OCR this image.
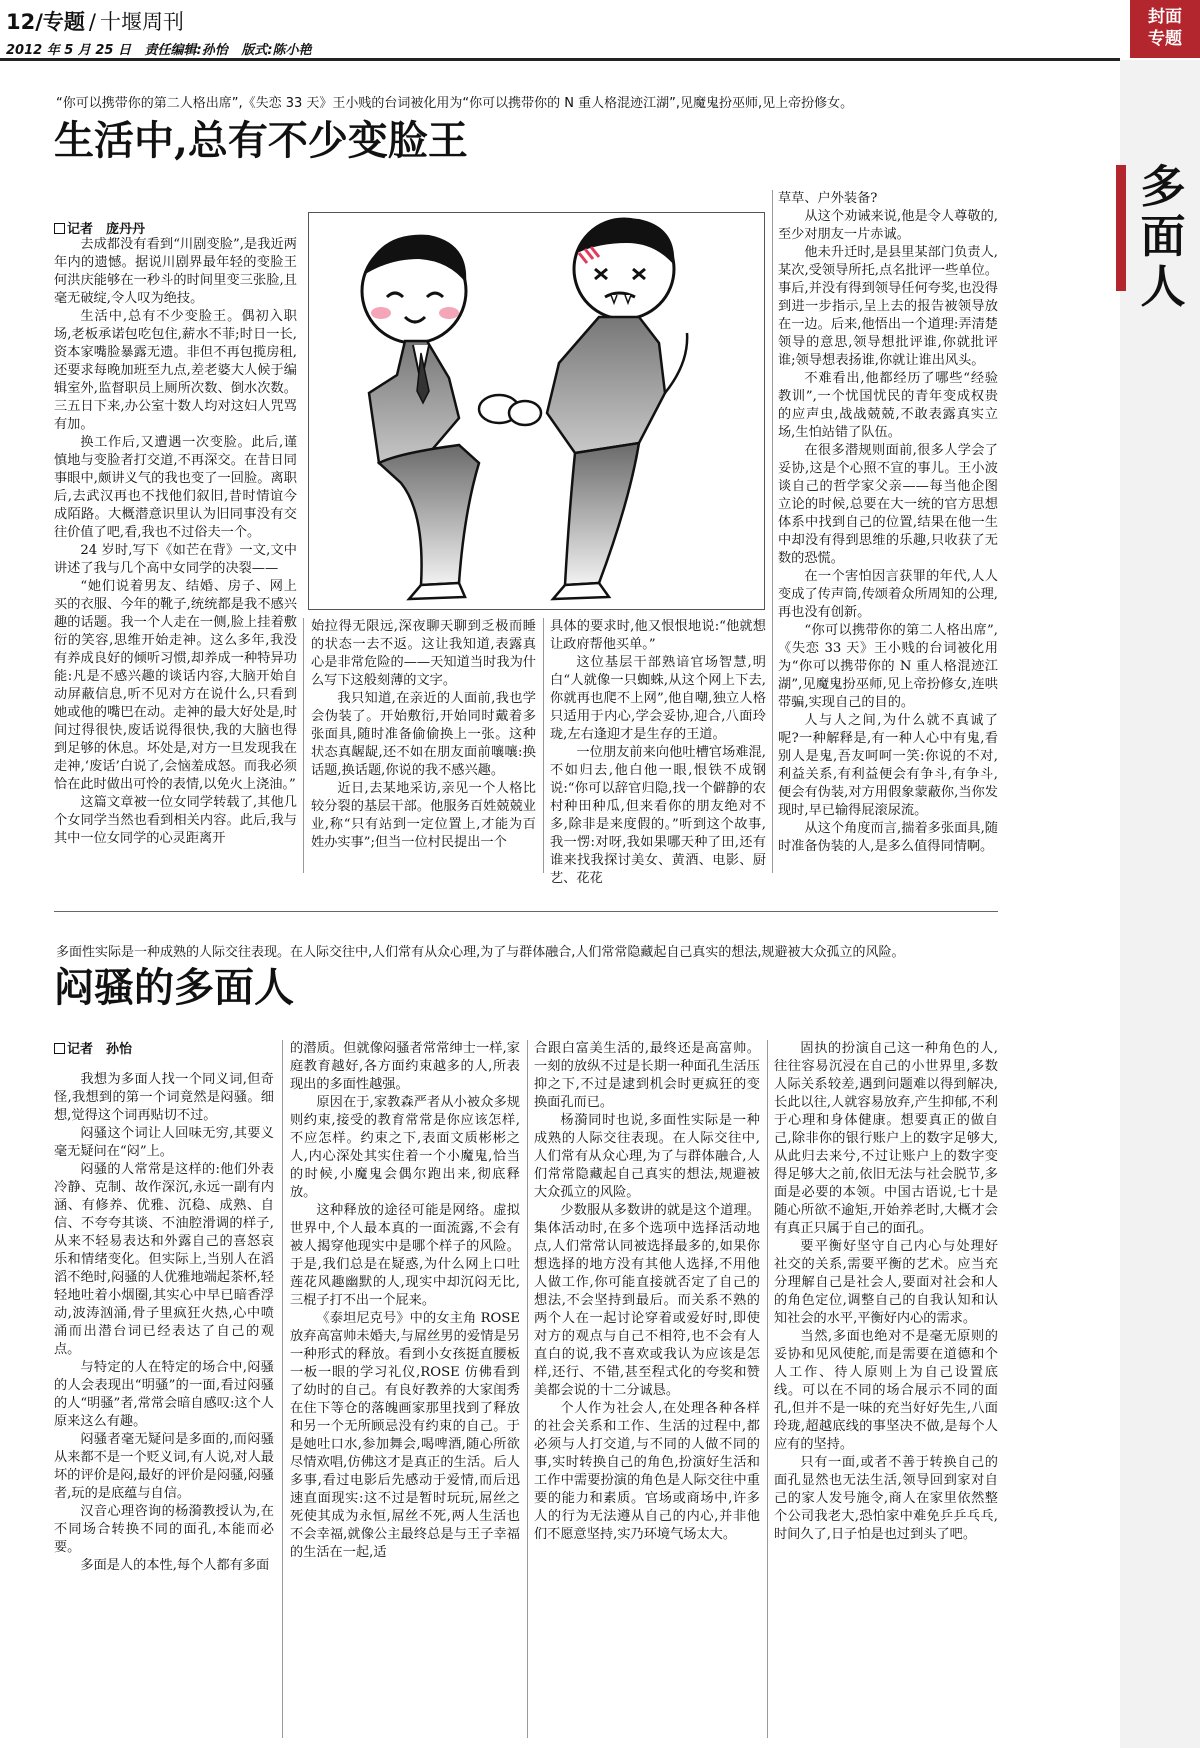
12/专题 / 十堰周刊
2012 年 5 月 25 日 责任编辑:孙怡 版式:陈小艳
封面
专题
多面人
“你可以携带你的第二人格出席”,《失恋 33 天》王小贱的台词被化用为“你可以携带你的 N 重人格混迹江湖”,见魔鬼扮巫师,见上帝扮修女。
生活中,总有不少变脸王
记者　庞丹丹

去成都没有看到“川剧变脸”,是我近两年内的遗憾。据说川剧界最年轻的变脸王何洪庆能够在一秒斗的时间里变三张脸,且毫无破绽,令人叹为绝技。

生活中,总有不少变脸王。偶初入职场,老板承诺包吃包住,薪水不菲;时日一长,资本家嘴脸暴露无遗。非但不再包揽房租,还要求每晚加班至九点,差老婆大人候于编辑室外,监督职员上厕所次数、倒水次数。三五日下来,办公室十数人均对这妇人咒骂有加。

换工作后,又遭遇一次变脸。此后,谨慎地与变脸者打交道,不再深交。在昔日同事眼中,颇讲义气的我也变了一回脸。离职后,去武汉再也不找他们叙旧,昔时情谊今成陌路。大概潜意识里认为旧同事没有交往价值了吧,看,我也不过俗夫一个。

24 岁时,写下《如芒在背》一文,文中讲述了我与几个高中女同学的决裂——

“她们说着男友、结婚、房子、网上买的衣服、今年的靴子,统统都是我不感兴趣的话题。我一个人走在一侧,脸上挂着敷衍的笑容,思维开始走神。这么多年,我没有养成良好的倾听习惯,却养成一种特异功能:凡是不感兴趣的谈话内容,大脑开始自动屏蔽信息,听不见对方在说什么,只看到她或他的嘴巴在动。走神的最大好处是,时间过得很快,废话说得很快,我的大脑也得到足够的休息。坏处是,对方一旦发现我在走神,‘废话’白说了,会恼羞成怒。而我必须恰在此时做出可怜的表情,以免火上浇油。”

这篇文章被一位女同学转载了,其他几个女同学当然也看到相关内容。此后,我与其中一位女同学的心灵距离开

始拉得无限远,深夜聊天聊到乏极而睡的状态一去不返。这让我知道,表露真心是非常危险的——天知道当时我为什么写下这般刻薄的文字。

我只知道,在亲近的人面前,我也学会伪装了。开始敷衍,开始同时戴着多张面具,随时准备偷偷换上一张。这种状态真龌龊,还不如在朋友面前嚷嚷:换话题,换话题,你说的我不感兴趣。

近日,去某地采访,亲见一个人格比较分裂的基层干部。他服务百姓兢兢业业,称“只有站到一定位置上,才能为百姓办实事”;但当一位村民提出一个

具体的要求时,他又恨恨地说:“他就想让政府帮他买单。”

这位基层干部熟谙官场智慧,明白“人就像一只蜘蛛,从这个网上下去,你就再也爬不上网”,他自嘲,独立人格只适用于内心,学会妥协,迎合,八面玲珑,左右逢迎才是生存的王道。

一位朋友前来向他吐槽官场难混,不如归去,他白他一眼,恨铁不成钢说:“你可以辞官归隐,找一个僻静的农村种田种瓜,但来看你的朋友绝对不多,除非是来度假的。”听到这个故事,我一愣:对呀,我如果哪天种了田,还有谁来找我探讨美女、黄酒、电影、厨艺、花花

草草、户外装备?

从这个劝诫来说,他是令人尊敬的,至少对朋友一片赤诚。

他未升迁时,是县里某部门负责人,某次,受领导所托,点名批评一些单位。事后,并没有得到领导任何夸奖,也没得到进一步指示,呈上去的报告被领导放在一边。后来,他悟出一个道理:弄清楚领导的意思,领导想批评谁,你就批评谁;领导想表扬谁,你就让谁出风头。

不难看出,他都经历了哪些“经验教训”,一个忧国忧民的青年变成权贵的应声虫,战战兢兢,不敢表露真实立场,生怕站错了队伍。

在很多潜规则面前,很多人学会了妥协,这是个心照不宣的事儿。王小波谈自己的哲学家父亲——每当他企图立论的时候,总要在大一统的官方思想体系中找到自己的位置,结果在他一生中却没有得到思维的乐趣,只收获了无数的恐慌。

在一个害怕因言获罪的年代,人人变成了传声筒,传颂着众所周知的公理,再也没有创新。

“你可以携带你的第二人格出席”,《失恋 33 天》王小贱的台词被化用为“你可以携带你的 N 重人格混迹江湖”,见魔鬼扮巫师,见上帝扮修女,连哄带骗,实现自己的目的。

人与人之间,为什么就不真诚了呢?一种解释是,有一种人心中有鬼,看别人是鬼,吾友呵呵一笑:你说的不对,利益关系,有利益便会有争斗,有争斗,便会有伪装,对方用假象蒙蔽你,当你发现时,早已输得屁滚尿流。

从这个角度而言,揣着多张面具,随时准备伪装的人,是多么值得同情啊。

多面性实际是一种成熟的人际交往表现。在人际交往中,人们常有从众心理,为了与群体融合,人们常常隐藏起自己真实的想法,规避被大众孤立的风险。
闷骚的多面人
记者　孙怡

我想为多面人找一个同义词,但奇怪,我想到的第一个词竟然是闷骚。细想,觉得这个词再贴切不过。

闷骚这个词让人回味无穷,其要义毫无疑问在“闷”上。

闷骚的人常常是这样的:他们外表冷静、克制、故作深沉,永远一副有内涵、有修养、优雅、沉稳、成熟、自信、不夸夸其谈、不油腔滑调的样子,从来不轻易表达和外露自己的喜怒哀乐和情绪变化。但实际上,当别人在滔滔不绝时,闷骚的人优雅地端起茶杯,轻轻地吐着小烟圈,其实心中早已暗香浮动,波涛汹涌,骨子里疯狂火热,心中喷涌而出潜台词已经表达了自己的观点。

与特定的人在特定的场合中,闷骚的人会表现出“明骚”的一面,看过闷骚的人“明骚”者,常常会暗自感叹:这个人原来这么有趣。

闷骚者毫无疑问是多面的,而闷骚从来都不是一个贬义词,有人说,对人最坏的评价是闷,最好的评价是闷骚,闷骚者,玩的是底蕴与自信。

汉音心理咨询的杨漪教授认为,在不同场合转换不同的面孔,本能而必要。

多面是人的本性,每个人都有多面

的潜质。但就像闷骚者常常绅士一样,家庭教育越好,各方面约束越多的人,所表现出的多面性越强。

原因在于,家教森严者从小被众多规则约束,接受的教育常常是你应该怎样,不应怎样。约束之下,表面文质彬彬之人,内心深处其实住着一个小魔鬼,恰当的时候,小魔鬼会偶尔跑出来,彻底释放。

这种释放的途径可能是网络。虚拟世界中,个人最本真的一面流露,不会有被人揭穿他现实中是哪个样子的风险。于是,我们总是在疑惑,为什么网上口吐莲花风趣幽默的人,现实中却沉闷无比,三棍子打不出一个屁来。

《泰坦尼克号》中的女主角 ROSE 放弃高富帅未婚夫,与屌丝男的爱情是另一种形式的释放。看到小女孩挺直腰板一板一眼的学习礼仪,ROSE 仿佛看到了幼时的自己。有良好教养的大家闺秀在住下等仓的落魄画家那里找到了释放和另一个无所顾忌没有约束的自己。于是她吐口水,参加舞会,喝啤酒,随心所欲尽情欢唱,仿佛这才是真正的生活。后人多事,看过电影后先感动于爱情,而后迅速直面现实:这不过是暂时玩玩,屌丝之死使其成为永恒,屌丝不死,两人生活也不会幸福,就像公主最终总是与王子幸福的生活在一起,适

合跟白富美生活的,最终还是高富帅。一刻的放纵不过是长期一种面孔生活压抑之下,不过是逮到机会时更疯狂的变换面孔而已。

杨漪同时也说,多面性实际是一种成熟的人际交往表现。在人际交往中,人们常有从众心理,为了与群体融合,人们常常隐藏起自己真实的想法,规避被大众孤立的风险。

少数服从多数讲的就是这个道理。集体活动时,在多个选项中选择活动地点,人们常常认同被选择最多的,如果你想选择的地方没有其他人选择,不用他人做工作,你可能直接就否定了自己的想法,不会坚持到最后。而关系不熟的两个人在一起讨论穿着或爱好时,即使对方的观点与自己不相符,也不会有人直白的说,我不喜欢或我认为应该是怎样,还行、不错,甚至程式化的夸奖和赞美都会说的十二分诚恳。

个人作为社会人,在处理各种各样的社会关系和工作、生活的过程中,都必须与人打交道,与不同的人做不同的事,实时转换自己的角色,扮演好生活和工作中需要扮演的角色是人际交往中重要的能力和素质。官场或商场中,许多人的行为无法遵从自己的内心,并非他们不愿意坚持,实乃环境气场太大。

固执的扮演自己这一种角色的人,往往容易沉浸在自己的小世界里,多数人际关系较差,遇到问题难以得到解决,长此以往,人就容易放弃,产生抑郁,不利于心理和身体健康。想要真正的做自己,除非你的银行账户上的数字足够大,从此归去来兮,不过让账户上的数字变得足够大之前,依旧无法与社会脱节,多面是必要的本领。中国古语说,七十是随心所欲不逾矩,开始养老时,大概才会有真正只属于自己的面孔。

要平衡好坚守自己内心与处理好社交的关系,需要平衡的艺术。应当充分理解自己是社会人,要面对社会和人的角色定位,调整自己的自我认知和认知社会的水平,平衡好内心的需求。

当然,多面也绝对不是毫无原则的妥协和见风使舵,而是需要在道德和个人工作、待人原则上为自己设置底线。可以在不同的场合展示不同的面孔,但并不是一味的充当好好先生,八面玲珑,超越底线的事坚决不做,是每个人应有的坚持。

只有一面,或者不善于转换自己的面孔显然也无法生活,领导回到家对自己的家人发号施令,商人在家里依然整个公司我老大,恐怕家中难免乒乒乓乓,时间久了,日子怕是也过到头了吧。
